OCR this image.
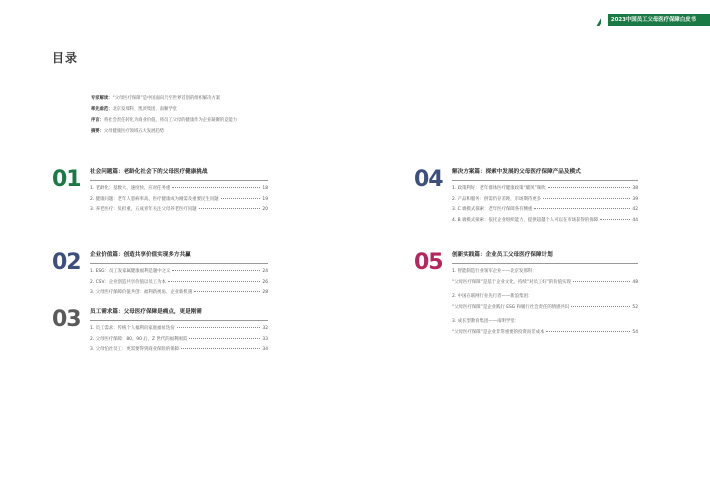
2023中国员工父母医疗保障白皮书
目录
专家解读：“父母医疗保障”是中国面向乃至世界首创的组织解决方案
率先垂范：北京发那科、凯淡集团、南顺学堂
序言：将社会责任转化为商业价值，将员工父母的健康作为企业凝聚的竞能力
摘要：父母健康医疗领域五大发展趋势
01	社会问题篇：老龄化社会下的父母医疗健康挑战
1. 老龄化：基数大、速度快、应对任务重	18
2. 健康问题：老年人患病率高、医疗健康成为刚需及重要民生问题	19
3. 养老医疗：负担重、五成青年关注父母养老医疗问题	20
02	企业价值篇：创造共享价值实现多方共赢
1. ESG：员工发家属健康福利是题中之义	24
2. CSV：企业创造共享价值以员工为本	26
3. 父母医疗保障价值共创：福利新视角、企业新机遇	28
03	员工需求篇：父母医疗保障是痛点，更是刚需
1. 员工需求：传统个人福利向家庭福祉迭份	32
2. 父母医疗保障：80、90 后、Z 世代的福利刚需	33
3. 父母怕社员工：更需要得到商业保险的保障	34
04	解决方案篇：探索中发展的父母医疗保障产品及模式
1. 政策利好：老年群体医疗健康政策“暖风”频吹	38
2. 产品和服务：供需仍存差距，市场期待更多	39
3. C 端模式探索：老年医疗保障各有侧重	42
4. B 端模式探索：依托企业组织能力，提供超越个人可以在市场获得的保障	44
05	创新实践篇：企业员工父母医疗保障计划
1. 智能制造行业领军企业——北京发那科：
“父母医疗保障”是基于企业文化，持续“对员工好”的价值实现	48
2. 中国在联网行业先行者——新浪集团：
“父母医疗保障”是企业践行 ESG 和履行社会责任的情感共识	52
3. 成长型教育集团——南明学堂：
“父母医疗保障”是企业非常重要的投资而非成本	54
